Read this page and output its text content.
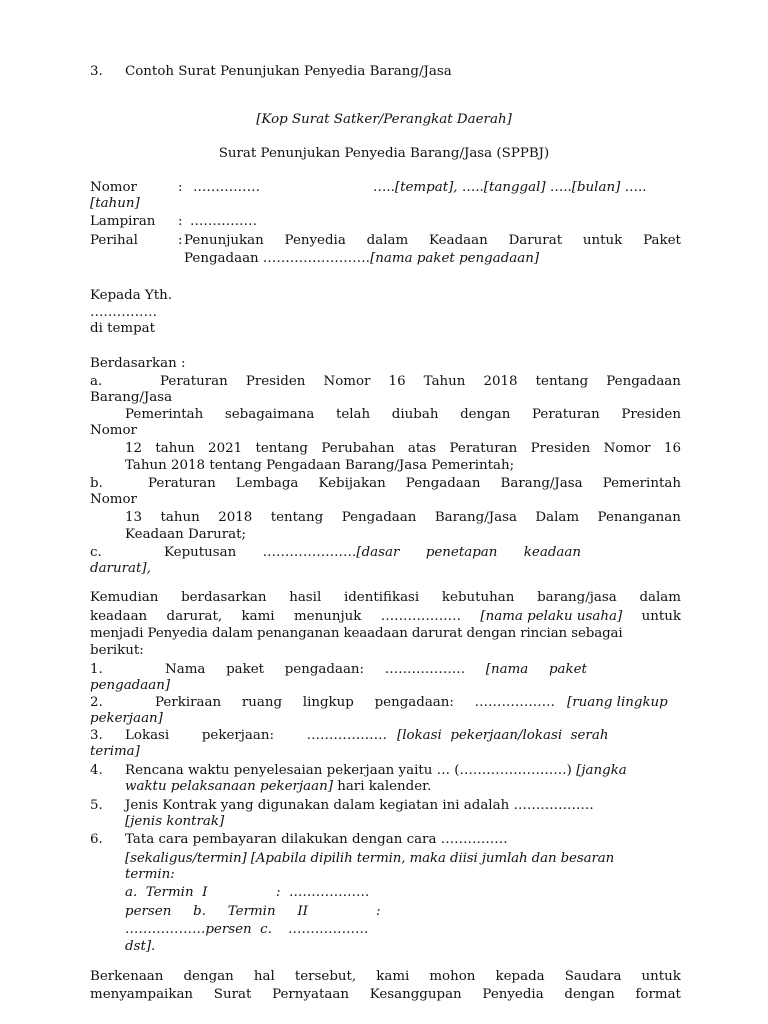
3. Contoh Surat Penunjukan Penyedia Barang/Jasa
[Kop Surat Satker/Perangkat Daerah]
Surat Penunjukan Penyedia Barang/Jasa (SPPBJ)
Nomor	: ……………	…..[tempat], …..[tanggal] …..[bulan] …..
[tahun]
Lampiran : ……………
Perihal	: Penunjukan Penyedia dalam Keadaan Darurat untuk Paket
Pengadaan ……………………[nama paket pengadaan]
Kepada Yth.
……………
di tempat
Berdasarkan :
a.	Peraturan Presiden Nomor 16 Tahun 2018 tentang Pengadaan
Barang/Jasa
Pemerintah sebagaimana telah diubah dengan Peraturan Presiden
Nomor
12 tahun 2021 tentang Perubahan atas Peraturan Presiden Nomor 16
Tahun 2018 tentang Pengadaan Barang/Jasa Pemerintah;
b.	Peraturan Lembaga Kebijakan Pengadaan Barang/Jasa Pemerintah
Nomor
13 tahun 2018 tentang Pengadaan Barang/Jasa Dalam Penanganan
Keadaan Darurat;
c.	Keputusan …………………[dasar penetapan keadaan
darurat],
Kemudian berdasarkan hasil identifikasi kebutuhan barang/jasa dalam
keadaan darurat, kami menunjuk ……………… [nama pelaku usaha] untuk
menjadi Penyedia dalam penanganan keaadaan darurat dengan rincian sebagai
berikut:
1.	Nama paket pengadaan: ……………… [nama paket
pengadaan]
2.	Perkiraan ruang lingkup pengadaan: ……………… [ruang lingkup
pekerjaan]
3. Lokasi pekerjaan: ……………… [lokasi  pekerjaan/lokasi  serah
terima]
4. Rencana waktu penyelesaian pekerjaan yaitu … (……………………) [jangka
waktu pelaksanaan pekerjaan] hari kalender.
5. Jenis Kontrak yang digunakan dalam kegiatan ini adalah ………………
[jenis kontrak]
6. Tata cara pembayaran dilakukan dengan cara ……………
[sekaligus/termin] [Apabila dipilih termin, maka diisi jumlah dan besaran
termin:
a.  Termin  I	:  ………………
persen b. Termin II	:
………………persen  c. ………………
dst].
Berkenaan dengan hal tersebut, kami mohon kepada Saudara untuk
menyampaikan Surat Pernyataan Kesanggupan Penyedia dengan format
